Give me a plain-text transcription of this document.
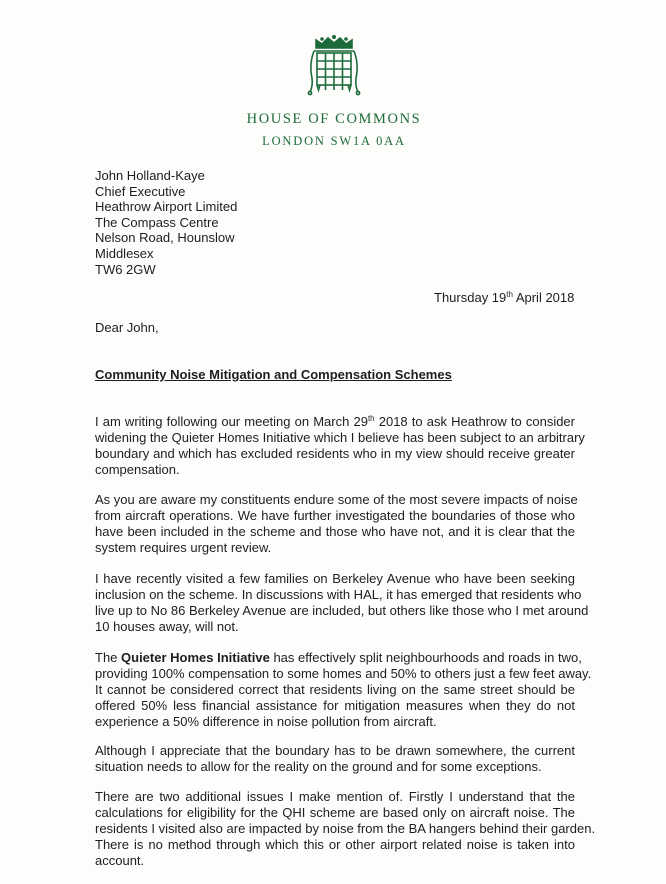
HOUSE OF COMMONS
LONDON SW1A 0AA
John Holland-Kaye
Chief Executive
Heathrow Airport Limited
The Compass Centre
Nelson Road, Hounslow
Middlesex
TW6 2GW
Thursday 19th April 2018
Dear John,
Community Noise Mitigation and Compensation Schemes
I am writing following our meeting on March 29th 2018 to ask Heathrow to consider
widening the Quieter Homes Initiative which I believe has been subject to an arbitrary
boundary and which has excluded residents who in my view should receive greater
compensation.
As you are aware my constituents endure some of the most severe impacts of noise
from aircraft operations. We have further investigated the boundaries of those who
have been included in the scheme and those who have not, and it is clear that the
system requires urgent review.
I have recently visited a few families on Berkeley Avenue who have been seeking
inclusion on the scheme. In discussions with HAL, it has emerged that residents who
live up to No 86 Berkeley Avenue are included, but others like those who I met around
10 houses away, will not.
The Quieter Homes Initiative has effectively split neighbourhoods and roads in two,
providing 100% compensation to some homes and 50% to others just a few feet away.
It cannot be considered correct that residents living on the same street should be
offered 50% less financial assistance for mitigation measures when they do not
experience a 50% difference in noise pollution from aircraft.
Although I appreciate that the boundary has to be drawn somewhere, the current
situation needs to allow for the reality on the ground and for some exceptions.
There are two additional issues I make mention of. Firstly I understand that the
calculations for eligibility for the QHI scheme are based only on aircraft noise. The
residents I visited also are impacted by noise from the BA hangers behind their garden.
There is no method through which this or other airport related noise is taken into
account.
